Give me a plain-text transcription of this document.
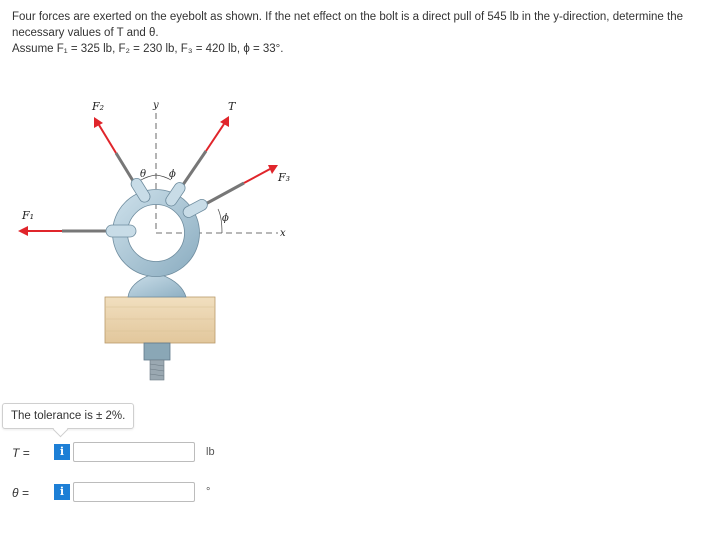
Four forces are exerted on the eyebolt as shown. If the net effect on the bolt is a direct pull of 545 lb in the y-direction, determine the

necessary values of T and θ.

Assume F₁ = 325 lb, F₂ = 230 lb, F₃ = 420 lb, ϕ = 33°.

F₂	y	T
F₃
F₁
θ ϕ
ϕ
x
The tolerance is ± 2%.
T =	i	lb
θ =	i	°
